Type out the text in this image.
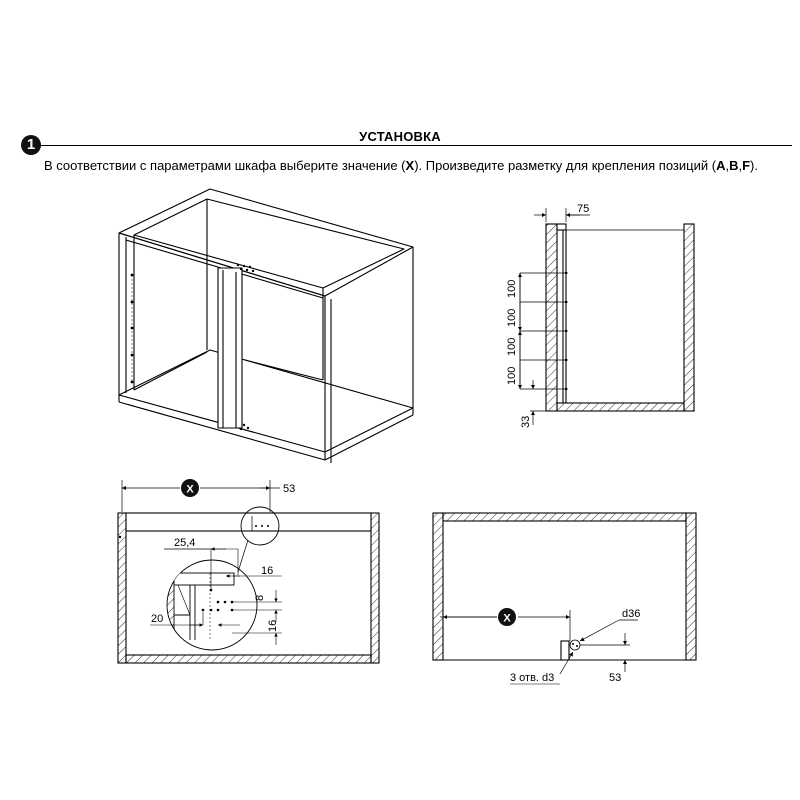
1	УСТАНОВКА
В соответствии с параметрами шкафа выберите значение (X). Произведите разметку для крепления позиций (A,B,F).
75
100
100
100
100
33
X	53
25,4
16
8
20
16
X	d36
3 отв. d3	53
